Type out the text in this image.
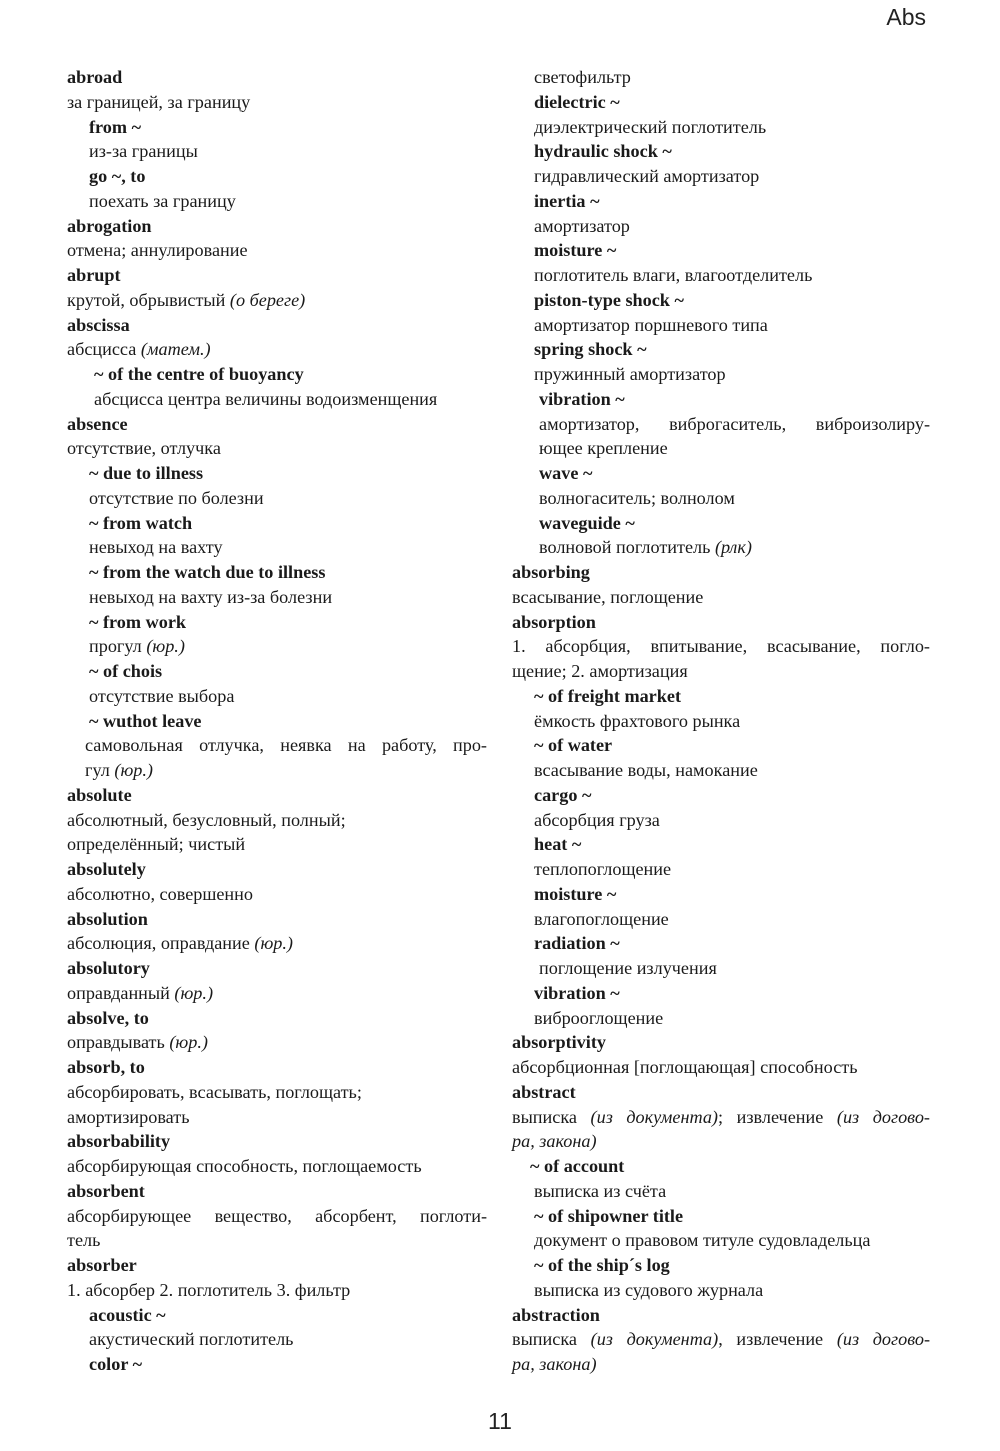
Abs
abroad
за границей, за границу
from ~
из-за границы
go ~, to
поехать за границу
abrogation
отмена; аннулирование
abrupt
крутой, обрывистый (о береге)
abscissa
абсцисса (матем.)
~ of the centre of buoyancy
абсцисса центра величины водоизменщения
absence
отсутствие, отлучка
~ due to illness
отсутствие по болезни
~ from watch
невыход на вахту
~ from the watch due to illness
невыход на вахту из-за болезни
~ from work
прогул (юр.)
~ of chois
отсутствие выбора
~ wuthot leave
самовольная отлучка, неявка на работу, про-
гул (юр.)
absolute
абсолютный, безусловный, полный;
определённый; чистый
absolutely
абсолютно, совершенно
absolution
абсолюция, оправдание (юр.)
absolutory
оправданный (юр.)
absolve, to
оправдывать (юр.)
absorb, to
абсорбировать, всасывать, поглощать;
амортизировать
absorbability
абсорбирующая способность, поглощаемость
absorbent
абсорбирующее вещество, абсорбент, поглоти-
тель
absorber
1. абсорбер 2. поглотитель 3. фильтр
acoustic ~
акустический поглотитель
color ~
светофильтр
dielectric ~
диэлектрический поглотитель
hydraulic shock ~
гидравлический амортизатор
inertia ~
амортизатор
moisture ~
поглотитель влаги, влагоотделитель
piston-type shock ~
амортизатор поршневого типа
spring shock ~
пружинный амортизатор
vibration ~
амортизатор, виброгаситель, виброизолиру-
ющее крепление
wave ~
волногаситель; волнолом
waveguide ~
волновой поглотитель (рлк)
absorbing
всасывание, поглощение
absorption
1. абсорбция, впитывание, всасывание, погло-
щение; 2. амортизация
~ of freight market
ёмкость фрахтового рынка
~ of water
всасывание воды, намокание
cargo ~
абсорбция груза
heat ~
теплопоглощение
moisture ~
влагопоглощение
radiation ~
поглощение излучения
vibration ~
виброоглощение
absorptivity
абсорбционная [поглощающая] способность
abstract
выписка (из документа); извлечение (из догово-
ра, закона)
~ of account
выписка из счёта
~ of shipowner title
документ о правовом титуле судовладельца
~ of the ship´s log
выписка из судового журнала
abstraction
выписка (из документа), извлечение (из догово-
ра, закона)
11
